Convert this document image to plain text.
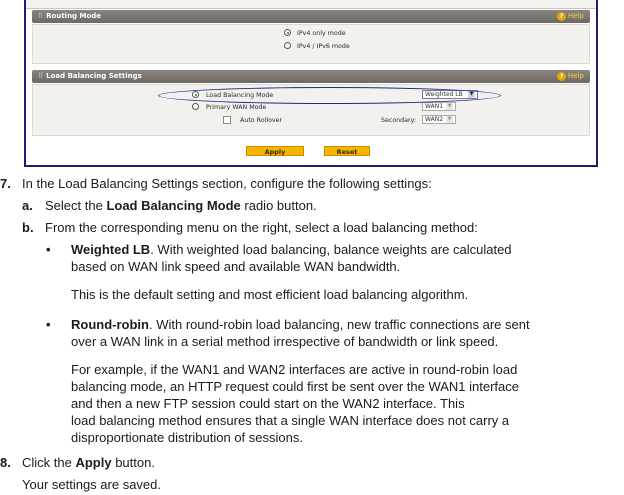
⠿ Routing Mode	? Help
IPv4 only mode
IPv4 / IPv6 mode
⠿ Load Balancing Settings	? Help
Load Balancing Mode	Weighted LB	▼
Primary WAN Mode	WAN1 ▼
Auto Rollover	Secondary: WAN2 ▼
Apply	Reset
7. In the Load Balancing Settings section, configure the following settings:
a. Select the Load Balancing Mode radio button.
b. From the corresponding menu on the right, select a load balancing method:
• Weighted LB. With weighted load balancing, balance weights are calculated
based on WAN link speed and available WAN bandwidth.
This is the default setting and most efficient load balancing algorithm.
• Round-robin. With round-robin load balancing, new traffic connections are sent
over a WAN link in a serial method irrespective of bandwidth or link speed.
For example, if the WAN1 and WAN2 interfaces are active in round-robin load
balancing mode, an HTTP request could first be sent over the WAN1 interface
and then a new FTP session could start on the WAN2 interface. This
load balancing method ensures that a single WAN interface does not carry a
disproportionate distribution of sessions.
8. Click the Apply button.
Your settings are saved.
